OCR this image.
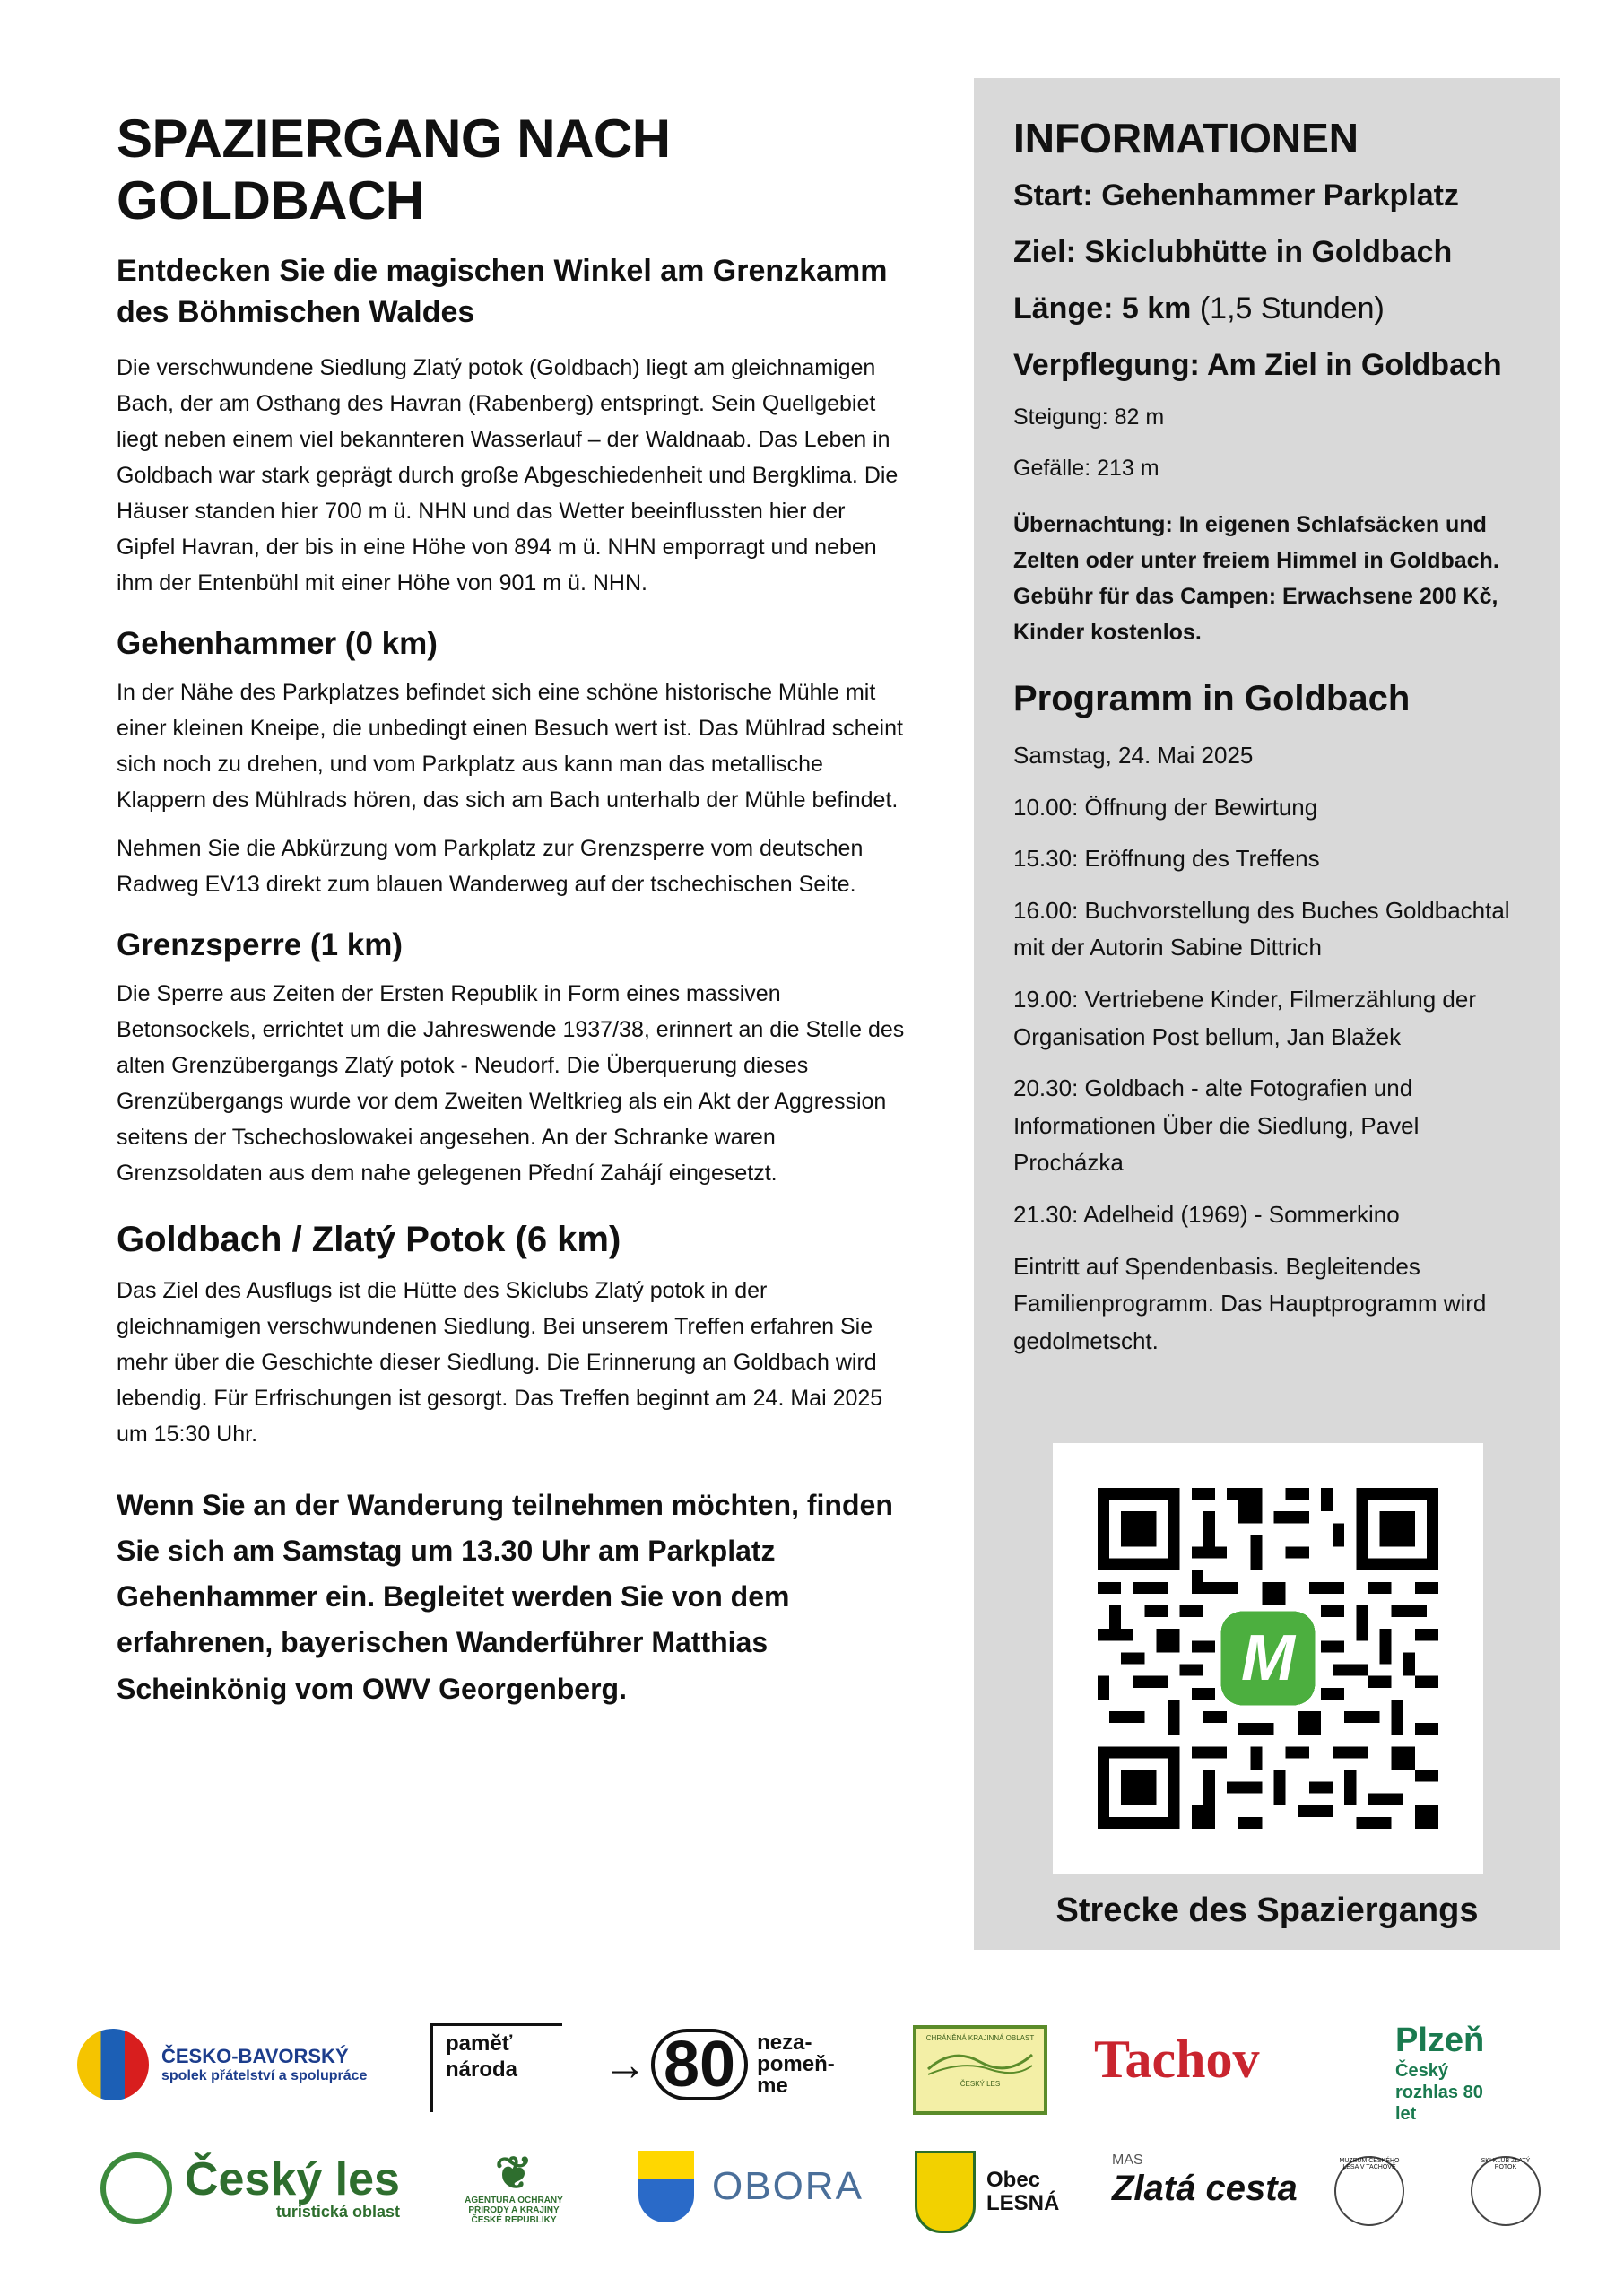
SPAZIERGANG NACH GOLDBACH
Entdecken Sie die magischen Winkel am Grenzkamm des Böhmischen Waldes

Die verschwundene Siedlung Zlatý potok (Goldbach) liegt am gleichnamigen Bach, der am Osthang des Havran (Rabenberg) entspringt. Sein Quellgebiet liegt neben einem viel bekannteren Wasserlauf – der Waldnaab. Das Leben in Goldbach war stark geprägt durch große Abgeschiedenheit und Bergklima. Die Häuser standen hier 700 m ü. NHN und das Wetter beeinflussten hier der Gipfel Havran, der bis in eine Höhe von 894 m ü. NHN emporragt und neben ihm der Entenbühl mit einer Höhe von 901 m ü. NHN.

Gehenhammer (0 km)

In der Nähe des Parkplatzes befindet sich eine schöne historische Mühle mit einer kleinen Kneipe, die unbedingt einen Besuch wert ist. Das Mühlrad scheint sich noch zu drehen, und vom Parkplatz aus kann man das metallische Klappern des Mühlrads hören, das sich am Bach unterhalb der Mühle befindet.

Nehmen Sie die Abkürzung vom Parkplatz zur Grenzsperre vom deutschen Radweg EV13 direkt zum blauen Wanderweg auf der tschechischen Seite.

Grenzsperre (1 km)

Die Sperre aus Zeiten der Ersten Republik in Form eines massiven Betonsockels, errichtet um die Jahreswende 1937/38, erinnert an die Stelle des alten Grenzübergangs Zlatý potok - Neudorf. Die Überquerung dieses Grenzübergangs wurde vor dem Zweiten Weltkrieg als ein Akt der Aggression seitens der Tschechoslowakei angesehen. An der Schranke waren Grenzsoldaten aus dem nahe gelegenen Přední Zahájí eingesetzt.

Goldbach / Zlatý Potok (6 km)

Das Ziel des Ausflugs ist die Hütte des Skiclubs Zlatý potok in der gleichnamigen verschwundenen Siedlung. Bei unserem Treffen erfahren Sie mehr über die Geschichte dieser Siedlung. Die Erinnerung an Goldbach wird lebendig. Für Erfrischungen ist gesorgt. Das Treffen beginnt am 24. Mai 2025 um 15:30 Uhr.

Wenn Sie an der Wanderung teilnehmen möchten, finden Sie sich am Samstag um 13.30 Uhr am Parkplatz Gehenhammer ein. Begleitet werden Sie von dem erfahrenen, bayerischen Wanderführer Matthias Scheinkönig vom OWV Georgenberg.

INFORMATIONEN
Start: Gehenhammer Parkplatz
Ziel: Skiclubhütte in Goldbach
Länge: 5 km (1,5 Stunden)
Verpflegung: Am Ziel in Goldbach
Steigung: 82 m
Gefälle: 213 m
Übernachtung: In eigenen Schlafsäcken und Zelten oder unter freiem Himmel in Goldbach. Gebühr für das Campen: Erwachsene 200 Kč, Kinder kostenlos.
Programm in Goldbach
Samstag, 24. Mai 2025
10.00: Öffnung der Bewirtung
15.30: Eröffnung des Treffens
16.00: Buchvorstellung des Buches Goldbachtal mit der Autorin Sabine Dittrich
19.00: Vertriebene Kinder, Filmerzählung der Organisation Post bellum, Jan Blažek
20.30: Goldbach - alte Fotografien und Informationen Über die Siedlung, Pavel Procházka
21.30: Adelheid (1969) - Sommerkino
Eintritt auf Spendenbasis. Begleitendes Familienprogramm. Das Hauptprogramm wird gedolmetscht.
M
Strecke des Spaziergangs
ČESKO-BAVORSKÝ
spolek přátelství a spolupráce
paměť národa	→ 80	neza- pomeň- me
CHRÁNĚNÁ KRAJINNÁ OBLAST
ČESKÝ LES	Tachov	Plzeň
Český rozhlas 80 let
Český les
turistická oblast
❦
AGENTURA OCHRANY PŘÍRODY A KRAJINY ČESKÉ REPUBLIKY
OBORA	Obec LESNÁ
MAS
Zlatá cesta
MUZEUM ČESKÉHO LESA V TACHOVĚ
SKI KLUB ZLATÝ POTOK
